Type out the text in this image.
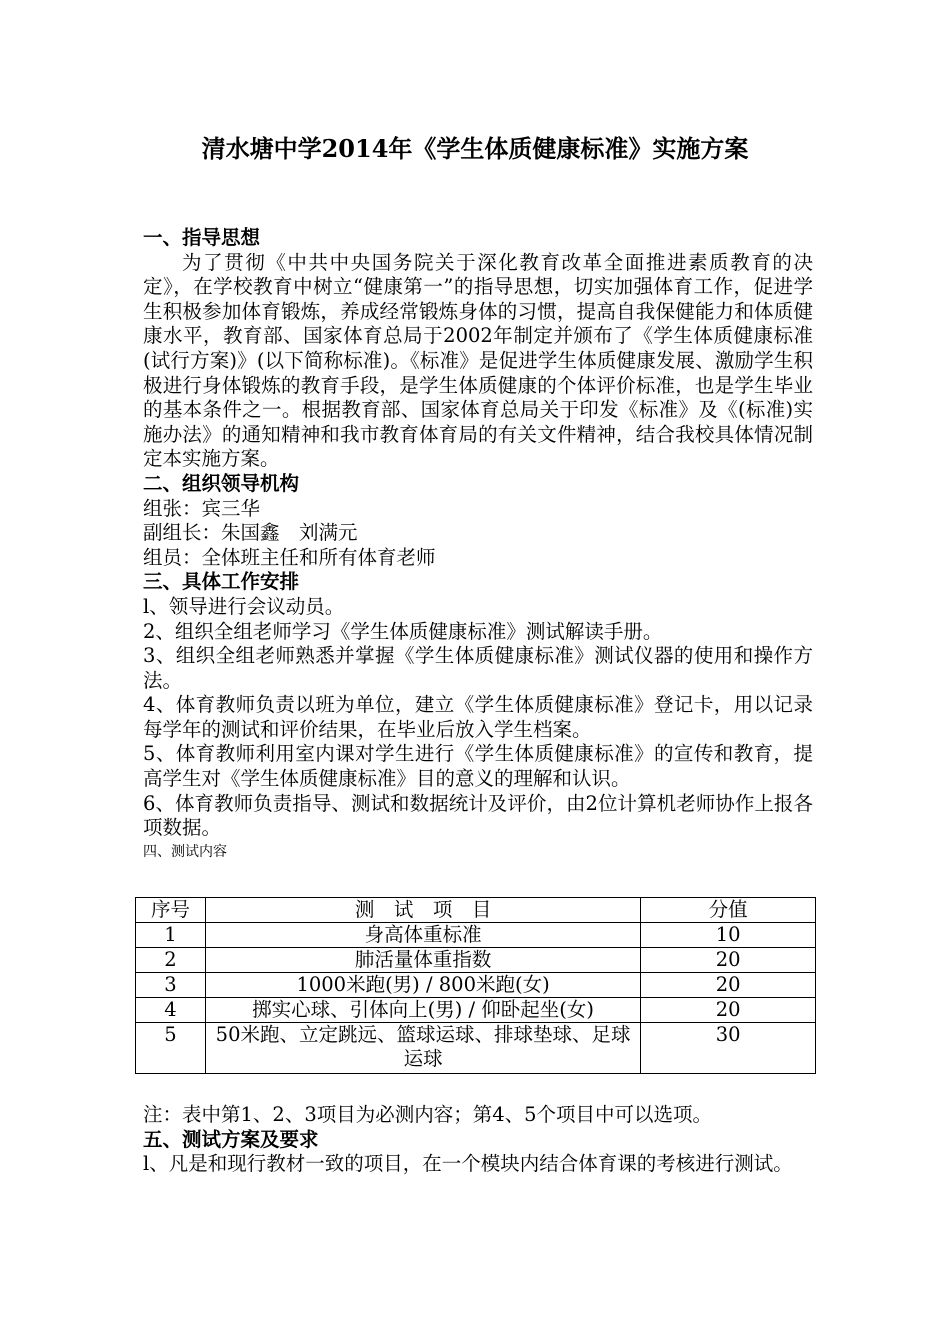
清水塘中学2014年《学生体质健康标准》实施方案

一、指导思想

为了贯彻《中共中央国务院关于深化教育改革全面推进素质教育的决定》，在学校教育中树立“健康第一”的指导思想，切实加强体育工作，促进学生积极参加体育锻炼，养成经常锻炼身体的习惯，提高自我保健能力和体质健康水平，教育部、国家体育总局于2002年制定并颁布了《学生体质健康标准(试行方案)》(以下简称标准)。《标准》是促进学生体质健康发展、激励学生积极进行身体锻炼的教育手段，是学生体质健康的个体评价标准，也是学生毕业的基本条件之一。根据教育部、国家体育总局关于印发《标准》及《(标准)实施办法》的通知精神和我市教育体育局的有关文件精神，结合我校具体情况制定本实施方案。

二、组织领导机构

组张：宾三华

副组长：朱国鑫　刘满元

组员：全体班主任和所有体育老师

三、具体工作安排

l、领导进行会议动员。

2、组织全组老师学习《学生体质健康标准》测试解读手册。

3、组织全组老师熟悉并掌握《学生体质健康标准》测试仪器的使用和操作方法。

4、体育教师负责以班为单位，建立《学生体质健康标准》登记卡，用以记录每学年的测试和评价结果，在毕业后放入学生档案。

5、体育教师利用室内课对学生进行《学生体质健康标准》的宣传和教育，提高学生对《学生体质健康标准》目的意义的理解和认识。

6、体育教师负责指导、测试和数据统计及评价，由2位计算机老师协作上报各项数据。

四、测试内容

序号	测　试　项　目	分值
1	身高体重标准	10
2	肺活量体重指数	20
3	1000米跑(男) / 800米跑(女)	20
4	掷实心球、引体向上(男) / 仰卧起坐(女)	20
5	50米跑、立定跳远、篮球运球、排球垫球、足球运球	30

注：表中第1、2、3项目为必测内容；第4、5个项目中可以选项。

五、测试方案及要求

l、凡是和现行教材一致的项目，在一个模块内结合体育课的考核进行测试。
